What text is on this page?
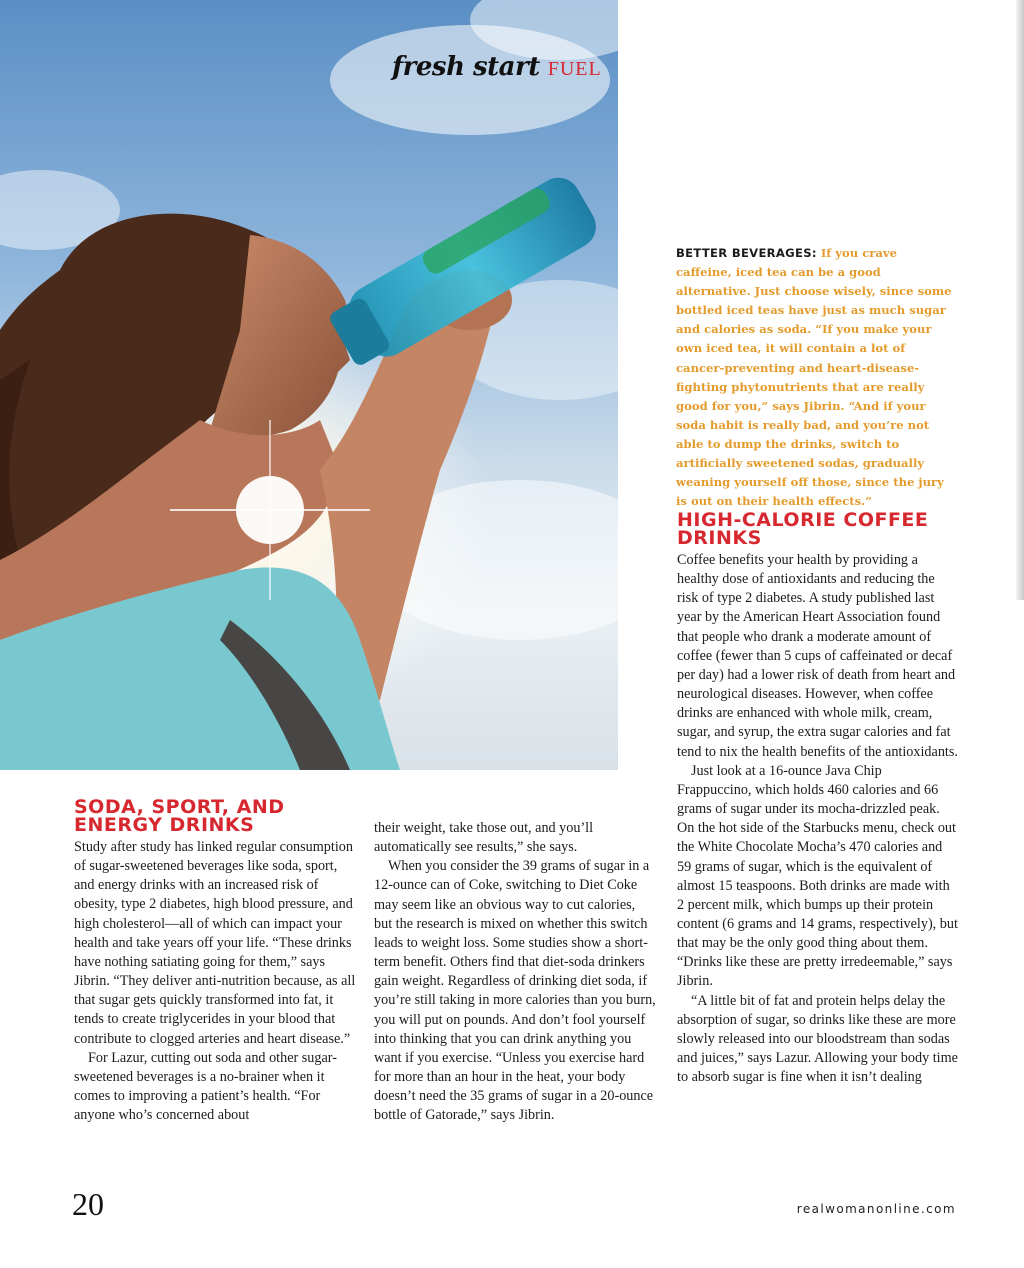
fresh start FUEL
BETTER BEVERAGES: If you crave caffeine, iced tea can be a good alternative. Just choose wisely, since some bottled iced teas have just as much sugar and calories as soda. “If you make your own iced tea, it will contain a lot of cancer-preventing and heart-disease-fighting phytonutrients that are really good for you,” says Jibrin. “And if your soda habit is really bad, and you’re not able to dump the drinks, switch to artificially sweetened sodas, gradually weaning yourself off those, since the jury is out on their health effects.”
HIGH-CALORIE COFFEE DRINKS
SODA, SPORT, AND ENERGY DRINKS

Study after study has linked regular consumption of sugar-sweetened beverages like soda, sport, and energy drinks with an increased risk of obesity, type 2 diabetes, high blood pressure, and high cholesterol—all of which can impact your health and take years off your life. “These drinks have nothing satiating going for them,” says Jibrin. “They deliver anti-nutrition because, as all that sugar gets quickly transformed into fat, it tends to create triglycerides in your blood that contribute to clogged arteries and heart disease.”

For Lazur, cutting out soda and other sugar-sweetened beverages is a no-brainer when it comes to improving a patient’s health. “For anyone who’s concerned about

their weight, take those out, and you’ll automatically see results,” she says.

When you consider the 39 grams of sugar in a 12-ounce can of Coke, switching to Diet Coke may seem like an obvious way to cut calories, but the research is mixed on whether this switch leads to weight loss. Some studies show a short-term benefit. Others find that diet-soda drinkers gain weight. Regardless of drinking diet soda, if you’re still taking in more calories than you burn, you will put on pounds. And don’t fool yourself into thinking that you can drink anything you want if you exercise. “Unless you exercise hard for more than an hour in the heat, your body doesn’t need the 35 grams of sugar in a 20-ounce bottle of Gatorade,” says Jibrin.

Coffee benefits your health by providing a healthy dose of antioxidants and reducing the risk of type 2 diabetes. A study published last year by the American Heart Association found that people who drank a moderate amount of coffee (fewer than 5 cups of caffeinated or decaf per day) had a lower risk of death from heart and neurological diseases. However, when coffee drinks are enhanced with whole milk, cream, sugar, and syrup, the extra sugar calories and fat tend to nix the health benefits of the antioxidants.

Just look at a 16-ounce Java Chip Frappuccino, which holds 460 calories and 66 grams of sugar under its mocha-drizzled peak. On the hot side of the Starbucks menu, check out the White Chocolate Mocha’s 470 calories and 59 grams of sugar, which is the equivalent of almost 15 teaspoons. Both drinks are made with 2 percent milk, which bumps up their protein content (6 grams and 14 grams, respectively), but that may be the only good thing about them. “Drinks like these are pretty irredeemable,” says Jibrin.

“A little bit of fat and protein helps delay the absorption of sugar, so drinks like these are more slowly released into our bloodstream than sodas and juices,” says Lazur. Allowing your body time to absorb sugar is fine when it isn’t dealing

20	realwomanonline.com
